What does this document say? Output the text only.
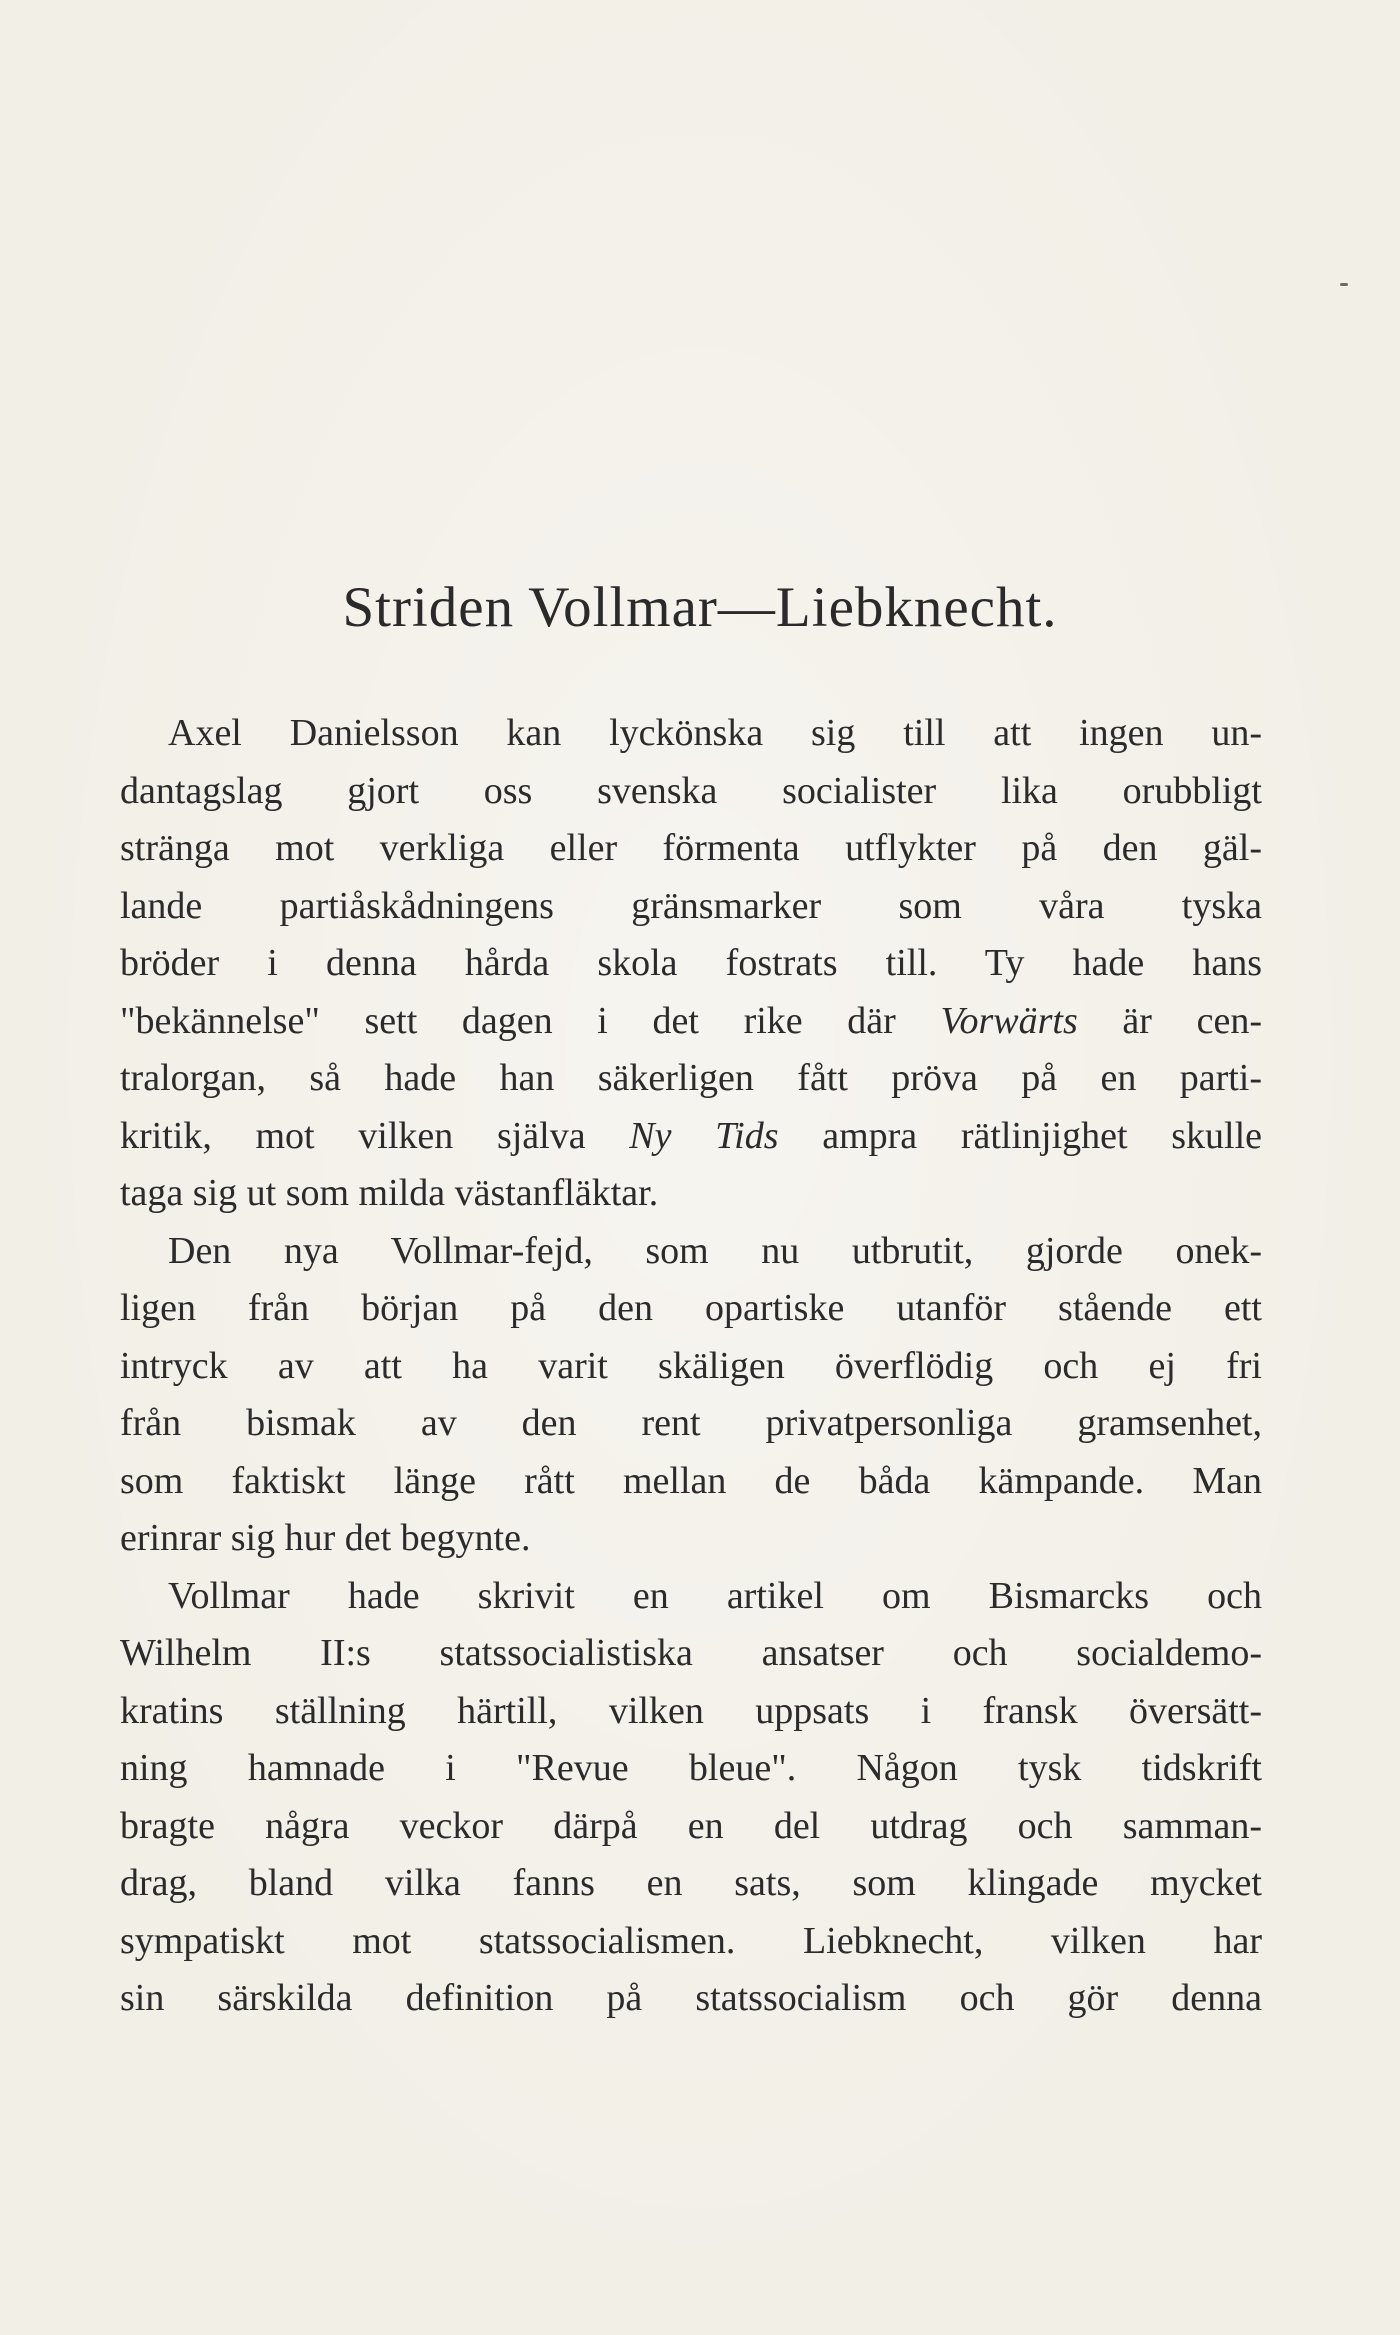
Striden Vollmar—Liebknecht.
Axel Danielsson kan lyckönska sig till att ingen un-
dantagslag gjort oss svenska socialister lika orubbligt
stränga mot verkliga eller förmenta utflykter på den gäl-
lande partiåskådningens gränsmarker som våra tyska
bröder i denna hårda skola fostrats till. Ty hade hans
"bekännelse" sett dagen i det rike där Vorwärts är cen-
tralorgan, så hade han säkerligen fått pröva på en parti-
kritik, mot vilken själva Ny Tids ampra rätlinjighet skulle
taga sig ut som milda västanfläktar.
Den nya Vollmar-fejd, som nu utbrutit, gjorde onek-
ligen från början på den opartiske utanför stående ett
intryck av att ha varit skäligen överflödig och ej fri
från bismak av den rent privatpersonliga gramsenhet,
som faktiskt länge rått mellan de båda kämpande. Man
erinrar sig hur det begynte.
Vollmar hade skrivit en artikel om Bismarcks och
Wilhelm II:s statssocialistiska ansatser och socialdemo-
kratins ställning härtill, vilken uppsats i fransk översätt-
ning hamnade i "Revue bleue". Någon tysk tidskrift
bragte några veckor därpå en del utdrag och samman-
drag, bland vilka fanns en sats, som klingade mycket
sympatiskt mot statssocialismen. Liebknecht, vilken har
sin särskilda definition på statssocialism och gör denna
